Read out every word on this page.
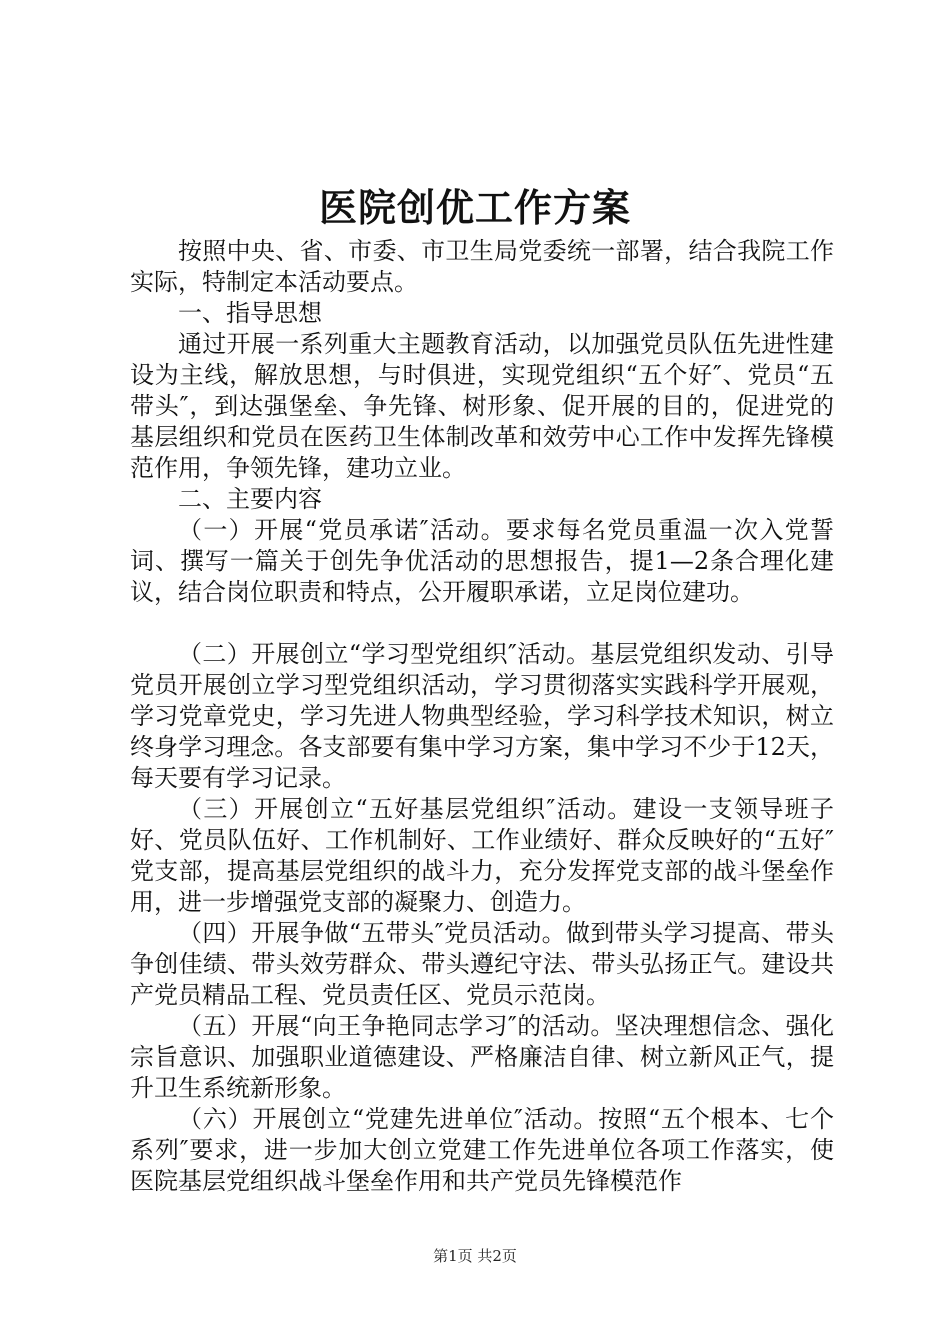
医院创优工作方案

按照中央、省、市委、市卫生局党委统一部署，结合我院工作实际，特制定本活动要点。

一、指导思想

通过开展一系列重大主题教育活动，以加强党员队伍先进性建设为主线，解放思想，与时俱进，实现党组织“五个好″、党员“五带头″，到达强堡垒、争先锋、树形象、促开展的目的，促进党的基层组织和党员在医药卫生体制改革和效劳中心工作中发挥先锋模范作用，争领先锋，建功立业。

二、主要内容

（一）开展“党员承诺″活动。要求每名党员重温一次入党誓词、撰写一篇关于创先争优活动的思想报告，提1—2条合理化建议，结合岗位职责和特点，公开履职承诺，立足岗位建功。

（二）开展创立“学习型党组织″活动。基层党组织发动、引导党员开展创立学习型党组织活动，学习贯彻落实实践科学开展观，学习党章党史，学习先进人物典型经验，学习科学技术知识，树立终身学习理念。各支部要有集中学习方案，集中学习不少于12天，每天要有学习记录。

（三）开展创立“五好基层党组织″活动。建设一支领导班子好、党员队伍好、工作机制好、工作业绩好、群众反映好的“五好″党支部，提高基层党组织的战斗力，充分发挥党支部的战斗堡垒作用，进一步增强党支部的凝聚力、创造力。

（四）开展争做“五带头″党员活动。做到带头学习提高、带头争创佳绩、带头效劳群众、带头遵纪守法、带头弘扬正气。建设共产党员精品工程、党员责任区、党员示范岗。

（五）开展“向王争艳同志学习″的活动。坚决理想信念、强化宗旨意识、加强职业道德建设、严格廉洁自律、树立新风正气，提升卫生系统新形象。

（六）开展创立“党建先进单位″活动。按照“五个根本、七个系列″要求，进一步加大创立党建工作先进单位各项工作落实，使医院基层党组织战斗堡垒作用和共产党员先锋模范作

第1页 共2页
